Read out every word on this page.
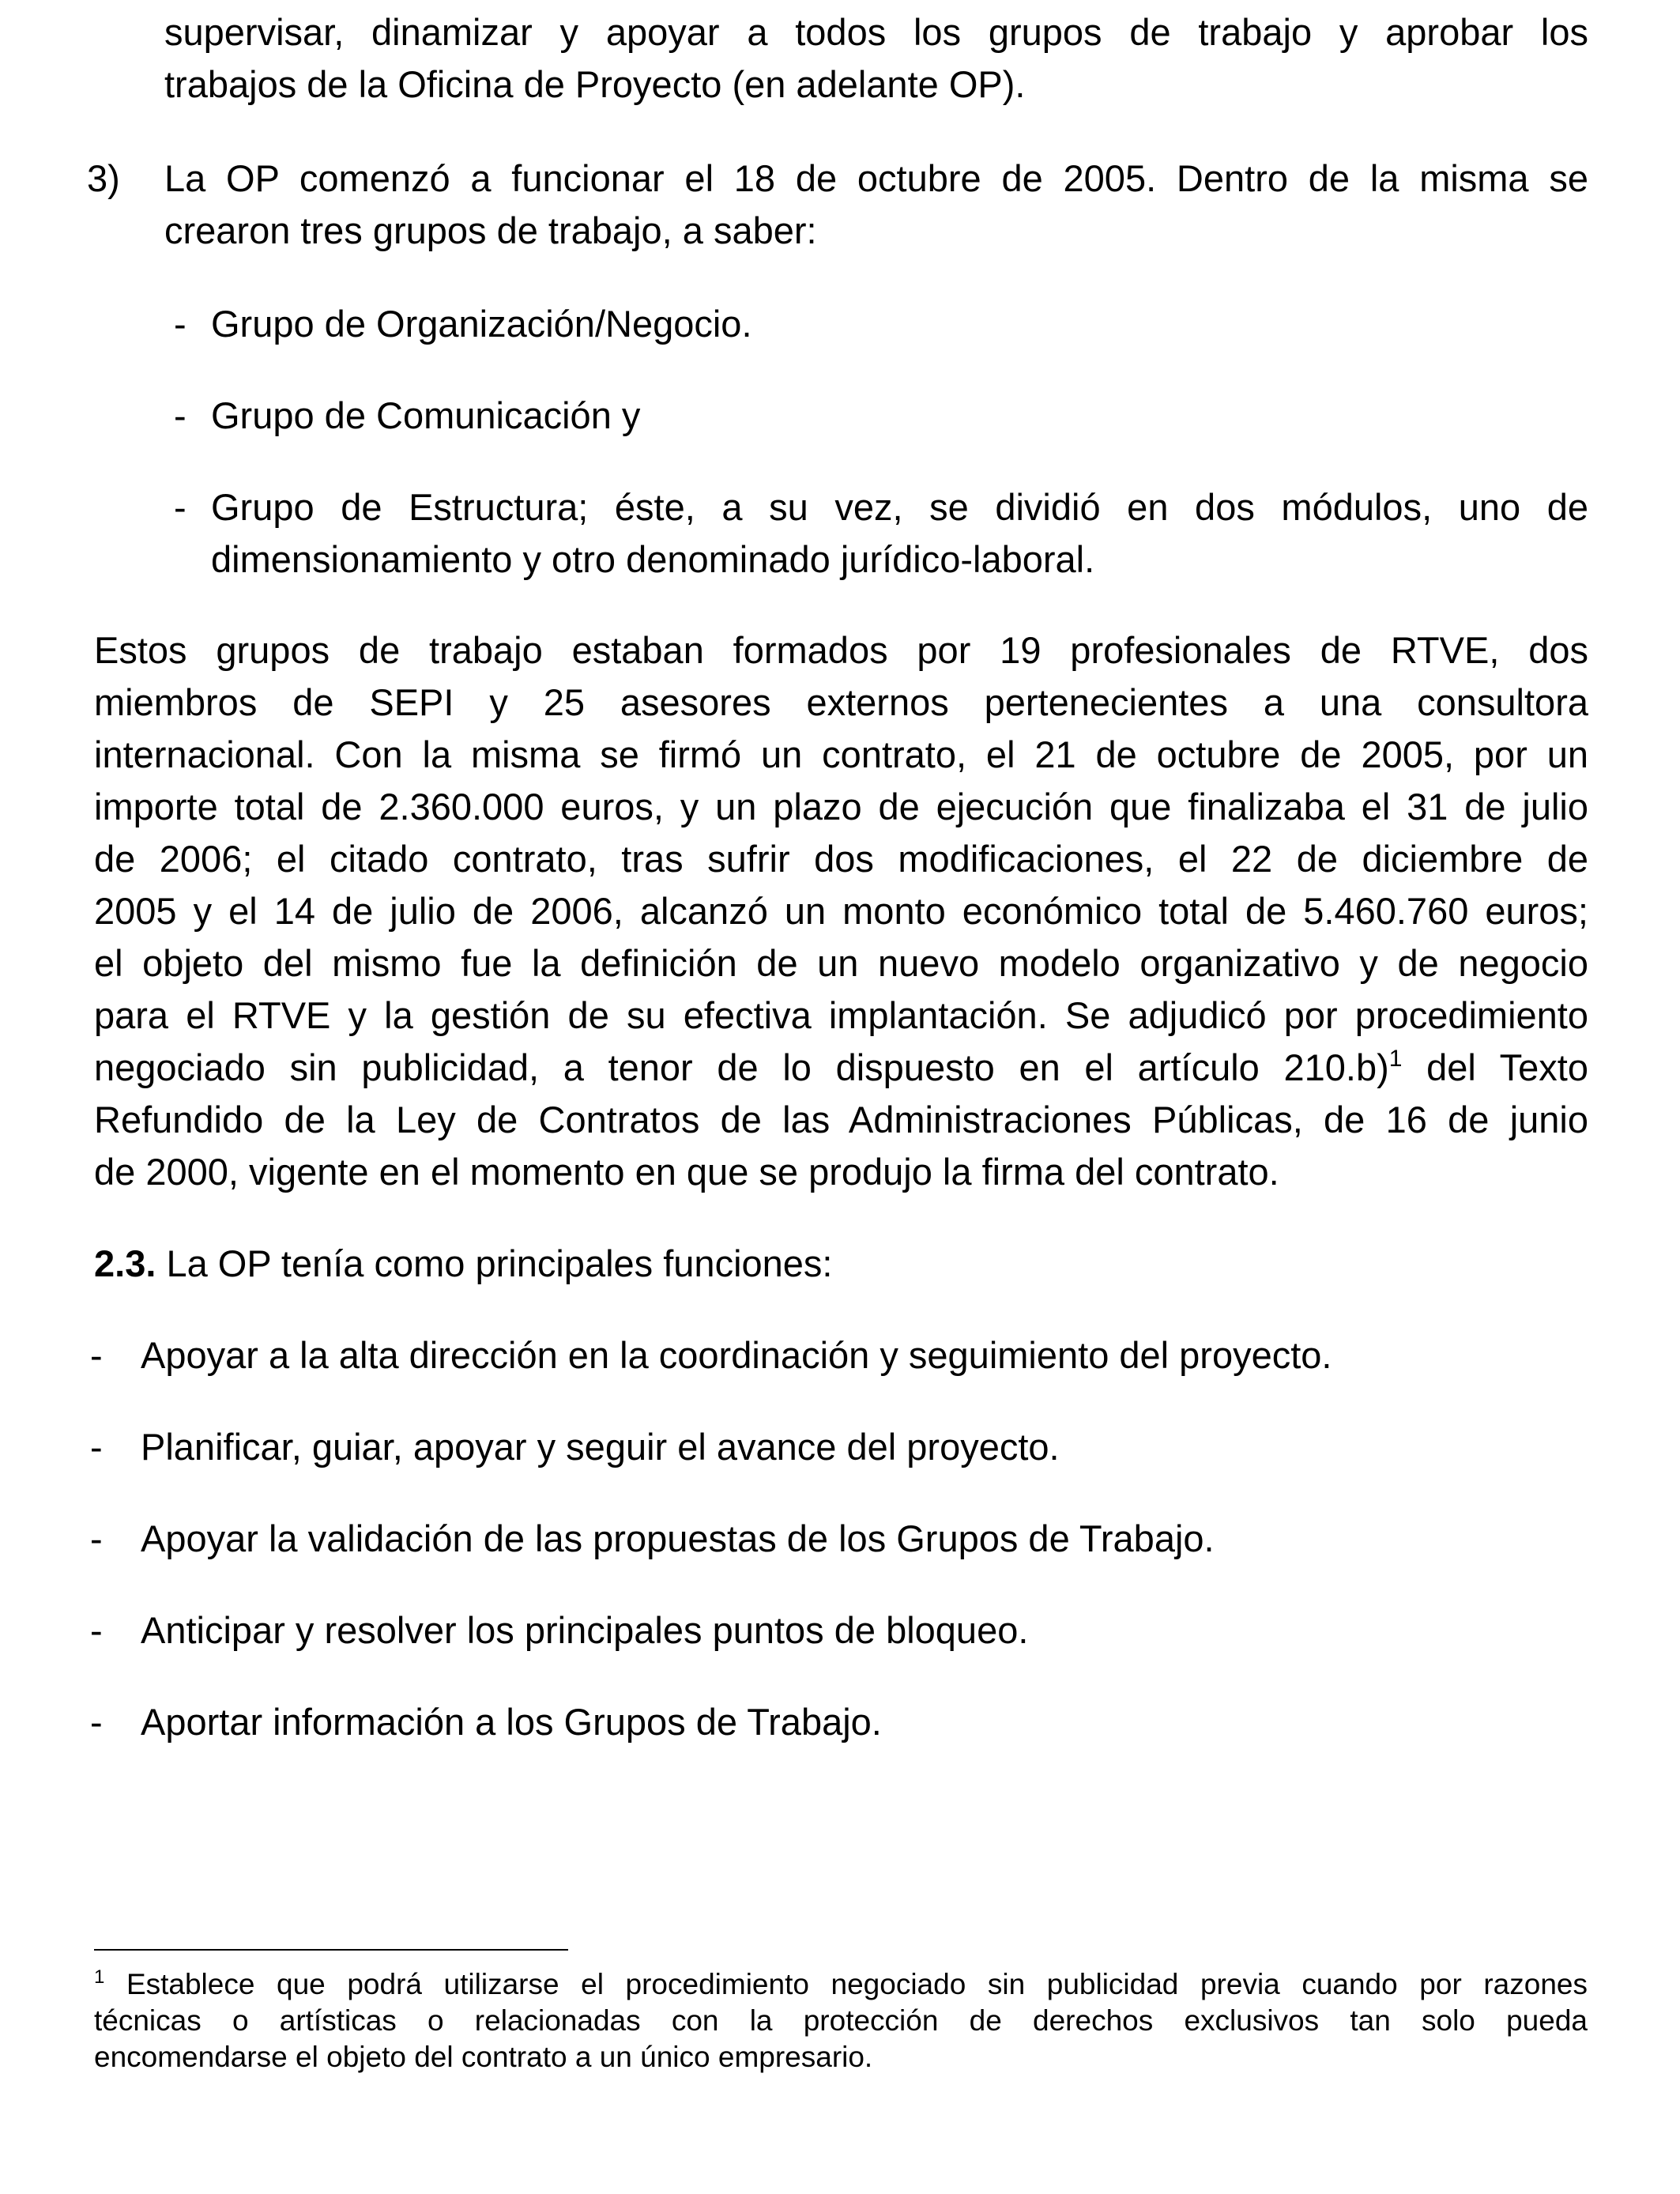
supervisar, dinamizar y apoyar a todos los grupos de trabajo y aprobar los
trabajos de la Oficina de Proyecto (en adelante OP).
3) La OP comenzó a funcionar el 18 de octubre de 2005. Dentro de la misma se
crearon tres grupos de trabajo, a saber:
- Grupo de Organización/Negocio.
- Grupo de Comunicación y
- Grupo de Estructura; éste, a su vez, se dividió en dos módulos, uno de
dimensionamiento y otro denominado jurídico-laboral.
Estos grupos de trabajo estaban formados por 19 profesionales de RTVE, dos
miembros de SEPI y 25 asesores externos pertenecientes a una consultora
internacional. Con la misma se firmó un contrato, el 21 de octubre de 2005, por un
importe total de 2.360.000 euros, y un plazo de ejecución que finalizaba el 31 de julio
de 2006; el citado contrato, tras sufrir dos modificaciones, el 22 de diciembre de
2005 y el 14 de julio de 2006, alcanzó un monto económico total de 5.460.760 euros;
el objeto del mismo fue la definición de un nuevo modelo organizativo y de negocio
para el RTVE y la gestión de su efectiva implantación. Se adjudicó por procedimiento
negociado sin publicidad, a tenor de lo dispuesto en el artículo 210.b)$^1$ del Texto
Refundido de la Ley de Contratos de las Administraciones Públicas, de 16 de junio
de 2000, vigente en el momento en que se produjo la firma del contrato.
2.3. La OP tenía como principales funciones:
- Apoyar a la alta dirección en la coordinación y seguimiento del proyecto.
- Planificar, guiar, apoyar y seguir el avance del proyecto.
- Apoyar la validación de las propuestas de los Grupos de Trabajo.
- Anticipar y resolver los principales puntos de bloqueo.
- Aportar información a los Grupos de Trabajo.
$^1$ Establece que podrá utilizarse el procedimiento negociado sin publicidad previa cuando por razones
técnicas o artísticas o relacionadas con la protección de derechos exclusivos tan solo pueda
encomendarse el objeto del contrato a un único empresario.
